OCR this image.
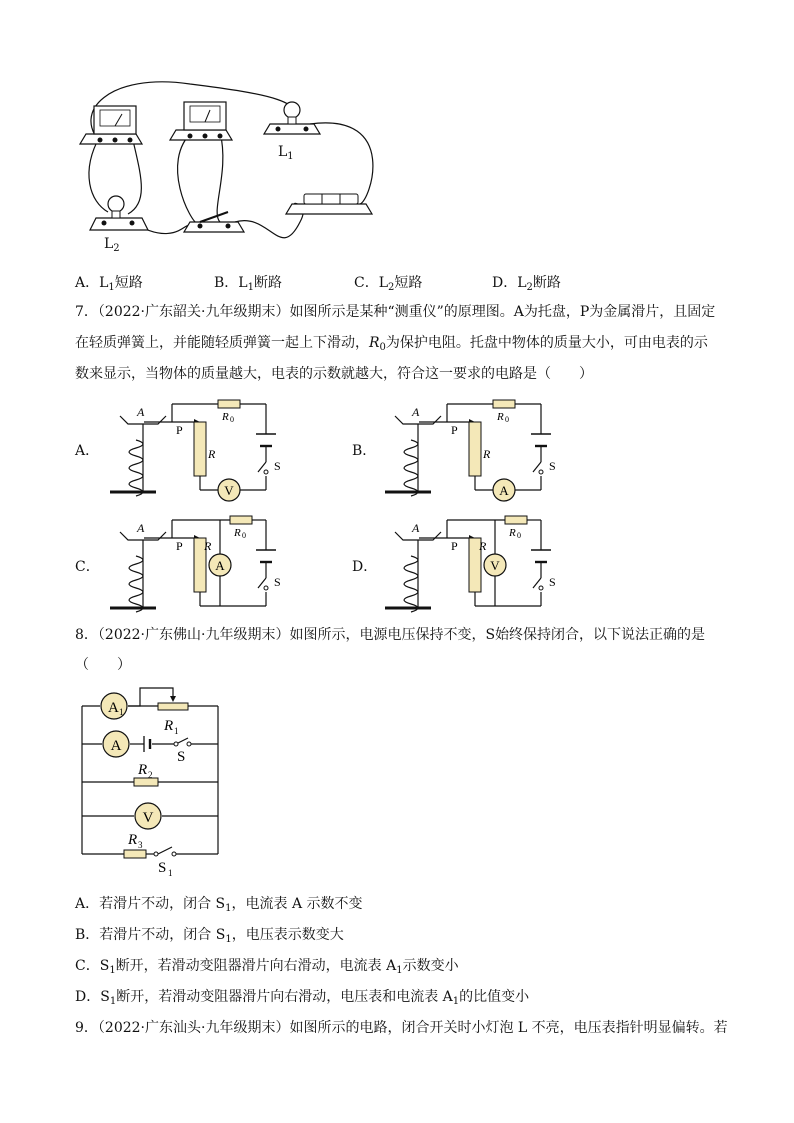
$L_1$
$L_2$
A．$L_1$短路	B．$L_1$断路	C．$L_2$短路	D．$L_2$断路
7．（2022·广东韶关·九年级期末）如图所示是某种“测重仪”的原理图。A为托盘，P为金属滑片，且固定
在轻质弹簧上，并能随轻质弹簧一起上下滑动，$R_0$为保护电阻。托盘中物体的质量大小，可由电表的示
数来显示，当物体的质量越大，电表的示数就越大，符合这一要求的电路是（　　）
A．	B．
C．	D．
V
A
P
R
R 0
S
A
A
P
R
R 0
S
A
A
P R
R 0
S
V
A
P R
R 0
S
8．（2022·广东佛山·九年级期末）如图所示，电源电压保持不变，S始终保持闭合，以下说法正确的是
（　　）
A 1
A
V
R 1
S
R 2
R 3
S 1
A．若滑片不动，闭合 $S_1$，电流表 A 示数不变
B．若滑片不动，闭合 $S_1$，电压表示数变大
C．$S_1$断开，若滑动变阻器滑片向右滑动，电流表 $A_1$示数变小
D．$S_1$断开，若滑动变阻器滑片向右滑动，电压表和电流表 $A_1$的比值变小
9．（2022·广东汕头·九年级期末）如图所示的电路，闭合开关时小灯泡 L 不亮，电压表指针明显偏转。若
